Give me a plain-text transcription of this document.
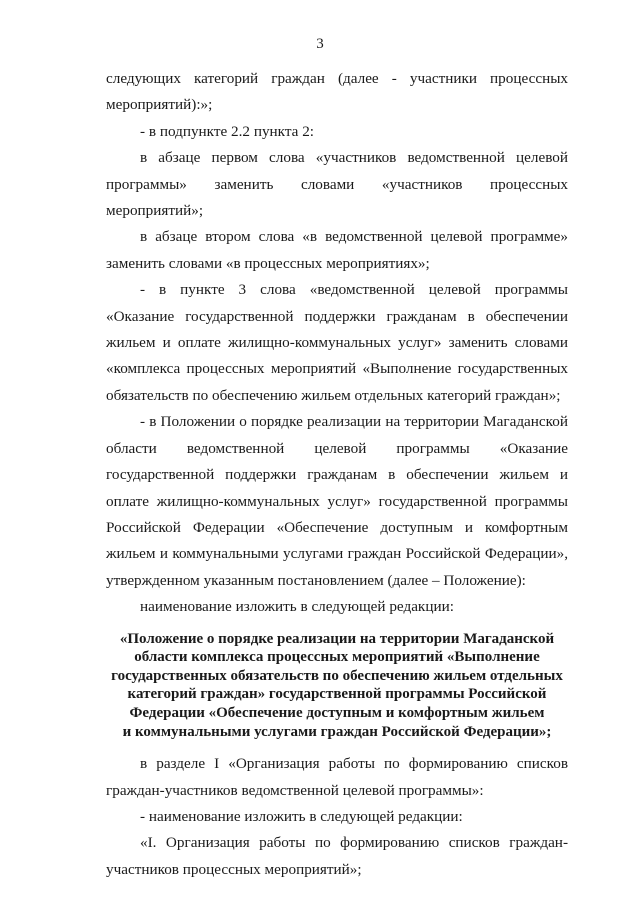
3

следующих категорий граждан (далее - участники процессных мероприятий):»;

- в подпункте 2.2 пункта 2:

в абзаце первом слова «участников ведомственной целевой программы» заменить словами «участников процессных мероприятий»;

в абзаце втором слова «в ведомственной целевой программе» заменить словами «в процессных мероприятиях»;

- в пункте 3 слова «ведомственной целевой программы «Оказание государственной поддержки гражданам в обеспечении жильем и оплате жилищно-коммунальных услуг» заменить словами «комплекса процессных мероприятий «Выполнение государственных обязательств по обеспечению жильем отдельных категорий граждан»;

- в Положении о порядке реализации на территории Магаданской области ведомственной целевой программы «Оказание государственной поддержки гражданам в обеспечении жильем и оплате жилищно-коммунальных услуг» государственной программы Российской Федерации «Обеспечение доступным и комфортным жильем и коммунальными услугами граждан Российской Федерации», утвержденном указанным постановлением (далее – Положение):

наименование изложить в следующей редакции:

«Положение о порядке реализации на территории Магаданской
области комплекса процессных мероприятий «Выполнение
государственных обязательств по обеспечению жильем отдельных
категорий граждан» государственной программы Российской
Федерации «Обеспечение доступным и комфортным жильем
и коммунальными услугами граждан Российской Федерации»;

в разделе I «Организация работы по формированию списков граждан-участников ведомственной целевой программы»:

- наименование изложить в следующей редакции:

«I. Организация работы по формированию списков граждан-участников процессных мероприятий»;
